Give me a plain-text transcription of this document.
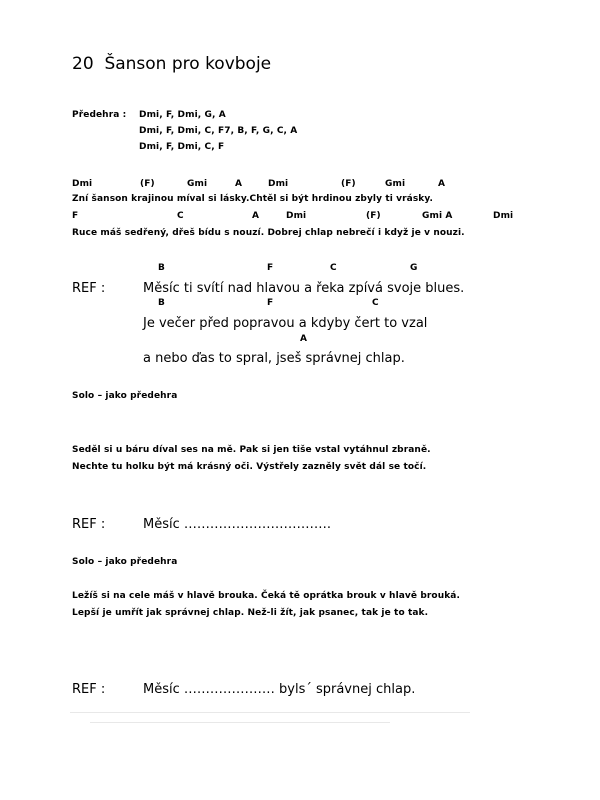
20  Šanson pro kovboje
Předehra : Dmi, F, Dmi, G, A
Dmi, F, Dmi, C, F7, B, F, G, C, A
Dmi, F, Dmi, C, F
Dmi	(F)	Gmi	A	Dmi	(F)	Gmi	A
Zní šanson krajinou míval si lásky.Chtěl si být hrdinou zbyly ti vrásky.
F	C	A	Dmi	(F)	Gmi A	Dmi
Ruce máš sedřený, dřeš bídu s nouzí. Dobrej chlap nebrečí i když je v nouzi.
B	F	C	G
REF :	Měsíc ti svítí nad hlavou a řeka zpívá svoje blues.
B	F	C
Je večer před popravou a kdyby čert to vzal
A
a nebo ďas to spral, jseš správnej chlap.
Solo – jako předehra
Seděl si u báru díval ses na mě. Pak si jen tiše vstal vytáhnul zbraně.
Nechte tu holku být má krásný oči. Výstřely zazněly svět dál se točí.
REF :	Měsíc …………………………….
Solo – jako předehra
Ležíš si na cele máš v hlavě brouka. Čeká tě oprátka brouk v hlavě brouká.
Lepší je umřít jak správnej chlap. Než-li žít, jak psanec, tak je to tak.
REF :	Měsíc ………………… byls´ správnej chlap.
